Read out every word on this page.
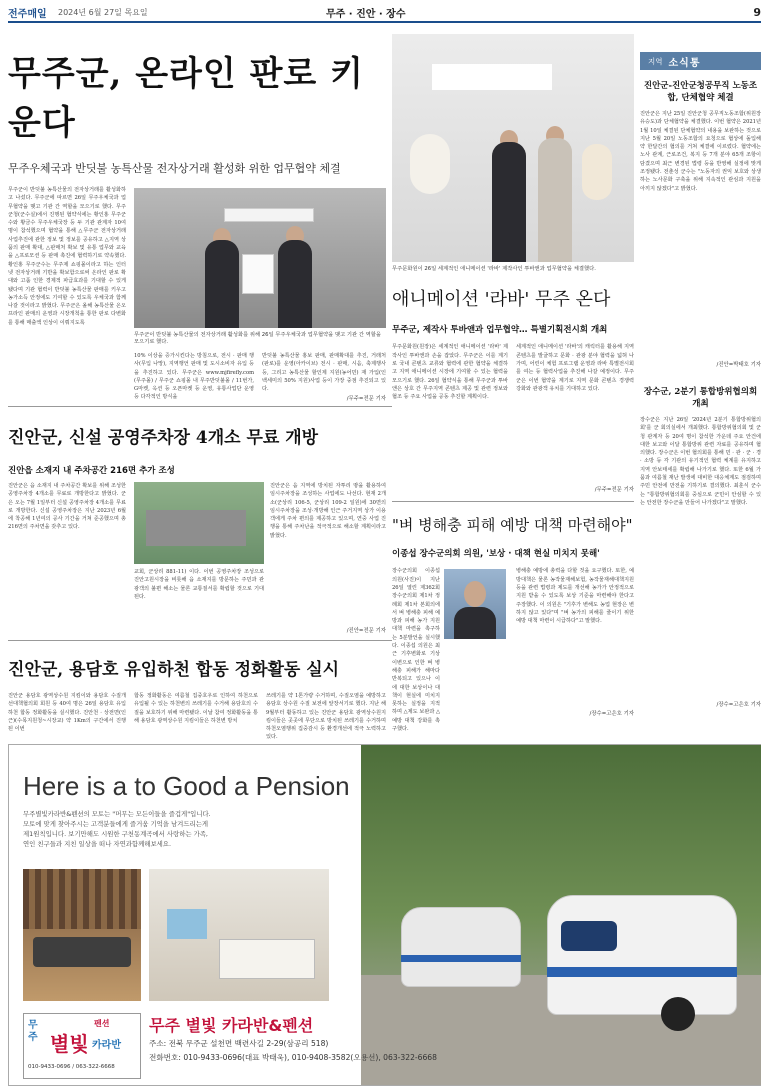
전주매일	2024년 6월 27일 목요일	무주 · 진안 · 장수	9
무주군, 온라인 판로 키운다
무주우체국과 반딧불 농특산물 전자상거래 활성화 위한 업무협약 체결
무주군이 반딧불 농특산물의 전자상거래를 활성화하고 나섰다. 무주군에 따르면 26일 무주우체국과 업무협약을 맺고 기관 간 역할을 모으기로 했다. 무주군청(군수실)에서 진행된 협약식에는 황인홍 무주군수와 황금수 무주우체국장 등 두 기관 관계자 10여 명이 참석했으며 협약을 통해 △무주군 전자상거래 사업추진에 관한 정보 및 정보를 공유하고 △지역 상품의 판매 확대, △판매처 확보 및 유통 업무와 교육을 △프로모션 등 판매 촉진에 협력하기로 약속했다. 황인홍 무주군수는 무주제 쇼핑몰이라고 하는 인터넷 전자상거래 기반을 확보함으로써 온라인 판로 확대와 고품 인한 경제적 파급효과를 기대할 수 있게 됐다며 기관 협력이 반딧불 농특산물 판매를 키우고 농가소득 안정에도 기여할 수 있도록 우체국과 함께 나갈 것이라고 밝혔다. 무주군은 올해 농특산물 온오프라인 판매의 운영과 시장개척을 통한 판로 다변화를 통해 매출액 인상이 이뤄지도록
무주군이 반딧불 농특산물의 전자상거래 활성화를 위해 26일 무주우체국과 업무협약을 맺고 기관 간 역할을 모으기로 했다.
10% 이상을 증가시킨다는 방침으로, 전시 · 판매 행사(무입 나망), 지역행언 판매 및 도시소비자 유입 등을 추진하고 있다. 무주군은 www.mjfirefly.com (무주몰) / 무주군 쇼핑몰 내 무주반딧불몰 / 11번가, G마켓, 옥션 등 오픈마켓 등 운영, 유통사업단 운영 등 다각적인 방식을
반딧불 농특산물 홍보 판매, 판매확대를 추진, 거래처(판로)를 운영(아카이브) 전시 · 판매, 시음, 축제행사 등, 그리고 농특산물 할인제 지원(농어민) 재 가입(인 백세미의 50% 지원)사업 등이 가장 중점 추진되고 있다.
/무주=전문 기자
진안군, 신설 공영주차장 4개소 무료 개방
진안읍 소재지 내 주차공간 216면 추가 조성
진안군은 읍 소재지 내 주차공간 확보를 위해 조성한 공영주차장 4개소를 무료로 개방한다고 밝혔다. 군은 오는 7월 1일부터 신설 공영주차장 4개소를 무료로 개방한다. 신설 공영주차장은 지난 2023년 6월에 착공해 1년여의 공사 기간을 거쳐 준공했으며 총 216면의 주차면을 갖추고 있다.
교회, 군상리 881-11) 이다. 이번 공영주차장 조성으로 진안고원시장을 비롯해 읍 소재지를 방문하는 주민과 관광객의 불편 해소는 물론 교통질서를 확립할 것으로 기대된다.
진안군은 읍 지역에 방치된 자투리 땅을 활용하여 임시주차장을 조성하는 사업에도 나선다. 현재 2개소(군상리 106-5, 군상리 109-2 일원)에 30면의 임시주차장을 조성·개방해 인근 주거지역 상가 이용객에게 주차 편의를 제공하고 있으며, 연중 사업 진행을 통해 주차난을 적극적으로 해소할 계획이라고 밝혔다.
/진안=전문 기자
진안군, 용담호 유입하천 합동 정화활동 실시
진안군 용담호 광역상수원 지킴이와 용담호 수질개선대책협의회 회원 등 40여 명은 26일 용담호 유입하천 합동 정화활동을 실시했다. 진안천 · 상전면(인근)(수목지원청~시장교) 약 1Km의 구간에서 진행된 이번
합동 정화활동은 여름철 집중호우로 인하여 하천으로 유입될 수 있는 하천변의 쓰레기를 수거해 용담호의 수질을 보호하기 위해 마련됐다. 이날 참여 정화활동을 통해 용담호 광역상수원 지킴이들은 하천변 방치
쓰레기를 약 1톤가량 수거하며, 수질오염을 예방하고 용담호 상수원 수질 보전에 앞장서기로 했다. 지난 해 9월부터 활동하고 있는 진안군 용담호 광역상수원지킴이들은 곳곳에 무단으로 방치된 쓰레기를 수거하며 하천오염행위 집중감시 등 환경개선에 적극 노력하고 있다.
무주문화원이 26일 세계적인 애니메이션 '라바' 제작사인 투바앤과 업무협약을 체결했다.
애니메이션 '라바' 무주 온다
무주군, 제작사 투바앤과 업무협약… 특별기획전시회 개최
무주문화원(원장)은 세계적인 애니메이션 '라바' 제작사인 투바앤과 손을 잡았다. 무주군은 이를 계기로 국내 콘텐츠 교류와 협력에 관한 협약을 체결하고 지역 애니메이션 시장에 기여할 수 있는 협력을 모으기로 했다. 26일 협약식을 통해 무주군과 투바앤은 상호 간 무주지역 콘텐츠 제공 및 관련 정보와 협조 등 주요 사업을 공동 추진할 계획이다.
세계적인 애니메이션 '라바'의 캐릭터를 활용해 지역 콘텐츠를 발굴하고 문화 · 관광 분야 협력을 넓혀 나가며, 어린이 체험 프로그램 운영과 라바 특별전시회를 여는 등 협력사업을 추진해 나갈 예정이다. 무주군은 이번 협약을 계기로 지역 문화 콘텐츠 경쟁력 강화와 관광객 유치를 기대하고 있다.
/무주=전문 기자
"벼 병해충 피해 예방 대책 마련해야"
이종섭 장수군의회 의원, '보상 · 대책 현실 미치지 못해'
장수군의회 이종섭 의원(사진)이 지난 26일 열린 제362회 장수군의회 제1차 정례회 제1차 본회의에서 벼 병해충 피해 예방과 피해 농가 지원 대책 마련을 촉구하는 5분발언을 실시했다. 이종섭 의원은 최근 기후변화로 기상이변으로 인한 벼 병해충 피해가 해마다 반복되고 있으나 이에 대한 보상이나 대책이 현실에 미치지 못하는 실정을 지적하며 △제도 보완과 △예방 대책 강화를 촉구했다.
병해충 예방에 총력을 다할 것을 요구했다. 또한, 예방대책은 물론 농작물재해보험, 농작물재해대책지원 등을 관련 법령과 제도를 개선해 농가가 안정적으로 지원 받을 수 있도록 보상 기준을 마련해야 한다고 주장했다. 이 의원은 "기후가 변해도 농업 현장은 변하지 않고 있다"며 "벼 농가의 피해를 줄이기 위한 예방 대책 마련이 시급하다"고 말했다.
/장수=고은호 기자
지역 소식통
진안군-진안군청공무직 노동조합, 단체협약 체결
진안군은 지난 25일 진안군청 공무직노동조합(위원장 유승도)과 단체협약을 체결했다. 이번 협약은 2021년 1월 10일 체결된 단체협약의 내용을 보완하는 것으로 지난 5월 20일 노동조합의 요청으로 협상에 돌입해 약 한달간의 협의를 거쳐 체결에 이르렀다. 협약에는 노사 관계, 근로조건, 복지 등 7개 분야 65개 조항이 담겼으며 최근 변경된 법령 등을 반영해 실정에 맞게 조정됐다. 전춘성 군수는 "노동자의 권익 보호와 상생하는 노사문화 구축을 위해 지속적인 관심과 지원을 아끼지 않겠다"고 밝혔다.
/진안=박태호 기자
장수군, 2분기 통합방위협의회 개최
장수군은 지난 26일 '2024년 2분기 통합방위협의회'를 군 회의실에서 개최했다. 통합방위협의회 및 군청 관계자 등 20여 명이 참석한 가운데 주요 안건에 대한 보고와 이달 통합방위 관련 자료를 공유하며 협의했다. 장수군은 이번 협의회를 통해 민 · 관 · 군 · 경 · 소방 등 각 기관의 유기적인 협력 체계를 유지하고 지역 안보태세를 확립해 나가기로 했다. 또한 6월 가뭄과 여름철 재난 발생에 대비한 대응체계도 점검하며 주민 안전에 만전을 기하기로 결의했다. 최훈식 군수는 "통합방위협의회를 중심으로 군민이 안심할 수 있는 안전한 장수군을 만들어 나가겠다"고 말했다.
/장수=고은호 기자
Here is a to Good a Pension
무주별빛카라반&펜션의 모토는 "머무는 모든이들을 즐겁게"입니다.
모토에 맞게 찾아주시는 고객분들에게 즐거움 기억을 남겨드리는게
제1원칙입니다. 보기만해도 시원한 구천동계곡에서 사랑하는 가족,
연인 친구들과 지친 일상을 떠나 자연과함께해보세요.
무주 별빛
펜션
카라반
010-9433-0696 / 063-322-6668
무주 별빛 카라반&펜션
주소: 전북 무주군 설천면 백련사길 2-29(삼공리 518)
전화번호: 010-9433-0696(대표 박태욱), 010-9408-3582(오용선), 063-322-6668
